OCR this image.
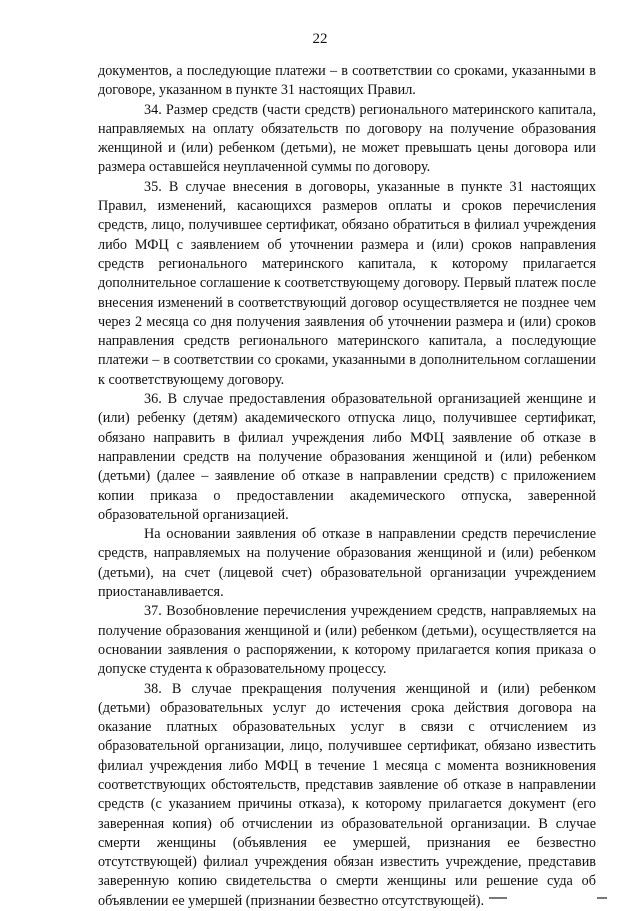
22

документов, а последующие платежи – в соответствии со сроками, указанными в договоре, указанном в пункте 31 настоящих Правил.

34. Размер средств (части средств) регионального материнского капитала, направляемых на оплату обязательств по договору на получение образования женщиной и (или) ребенком (детьми), не может превышать цены договора или размера оставшейся неуплаченной суммы по договору.

35. В случае внесения в договоры, указанные в пункте 31 настоящих Правил, изменений, касающихся размеров оплаты и сроков перечисления средств, лицо, получившее сертификат, обязано обратиться в филиал учреждения либо МФЦ с заявлением об уточнении размера и (или) сроков направления средств регионального материнского капитала, к которому прилагается дополнительное соглашение к соответствующему договору. Первый платеж после внесения изменений в соответствующий договор осуществляется не позднее чем через 2 месяца со дня получения заявления об уточнении размера и (или) сроков направления средств регионального материнского капитала, а последующие платежи – в соответствии со сроками, указанными в дополнительном соглашении к соответствующему договору.

36. В случае предоставления образовательной организацией женщине и (или) ребенку (детям) академического отпуска лицо, получившее сертификат, обязано направить в филиал учреждения либо МФЦ заявление об отказе в направлении средств на получение образования женщиной и (или) ребенком (детьми) (далее – заявление об отказе в направлении средств) с приложением копии приказа о предоставлении академического отпуска, заверенной образовательной организацией.

На основании заявления об отказе в направлении средств перечисление средств, направляемых на получение образования женщиной и (или) ребенком (детьми), на счет (лицевой счет) образовательной организации учреждением приостанавливается.

37. Возобновление перечисления учреждением средств, направляемых на получение образования женщиной и (или) ребенком (детьми), осуществляется на основании заявления о распоряжении, к которому прилагается копия приказа о допуске студента к образовательному процессу.

38. В случае прекращения получения женщиной и (или) ребенком (детьми) образовательных услуг до истечения срока действия договора на оказание платных образовательных услуг в связи с отчислением из образовательной организации, лицо, получившее сертификат, обязано известить филиал учреждения либо МФЦ в течение 1 месяца с момента возникновения соответствующих обстоятельств, представив заявление об отказе в направлении средств (с указанием причины отказа), к которому прилагается документ (его заверенная копия) об отчислении из образовательной организации. В случае смерти женщины (объявления ее умершей, признания ее безвестно отсутствующей) филиал учреждения обязан известить учреждение, представив заверенную копию свидетельства о смерти женщины или решение суда об объявлении ее умершей (признании безвестно отсутствующей).
